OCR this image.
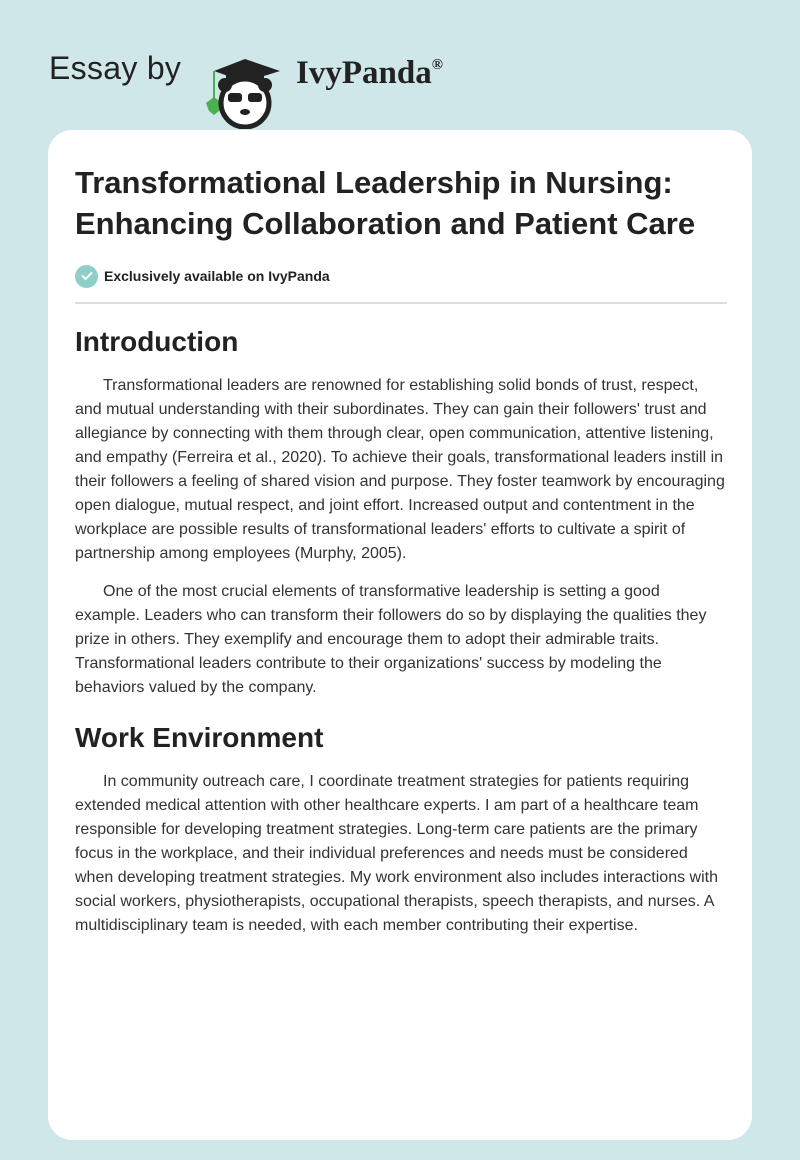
Essay by	IvyPanda®
Transformational Leadership in Nursing: Enhancing Collaboration and Patient Care
Exclusively available on IvyPanda
Introduction

Transformational leaders are renowned for establishing solid bonds of trust, respect, and mutual understanding with their subordinates. They can gain their followers' trust and allegiance by connecting with them through clear, open communication, attentive listening, and empathy (Ferreira et al., 2020). To achieve their goals, transformational leaders instill in their followers a feeling of shared vision and purpose. They foster teamwork by encouraging open dialogue, mutual respect, and joint effort. Increased output and contentment in the workplace are possible results of transformational leaders' efforts to cultivate a spirit of partnership among employees (Murphy, 2005).

One of the most crucial elements of transformative leadership is setting a good example. Leaders who can transform their followers do so by displaying the qualities they prize in others. They exemplify and encourage them to adopt their admirable traits. Transformational leaders contribute to their organizations' success by modeling the behaviors valued by the company.

Work Environment

In community outreach care, I coordinate treatment strategies for patients requiring extended medical attention with other healthcare experts. I am part of a healthcare team responsible for developing treatment strategies. Long-term care patients are the primary focus in the workplace, and their individual preferences and needs must be considered when developing treatment strategies. My work environment also includes interactions with social workers, physiotherapists, occupational therapists, speech therapists, and nurses. A multidisciplinary team is needed, with each member contributing their expertise.
